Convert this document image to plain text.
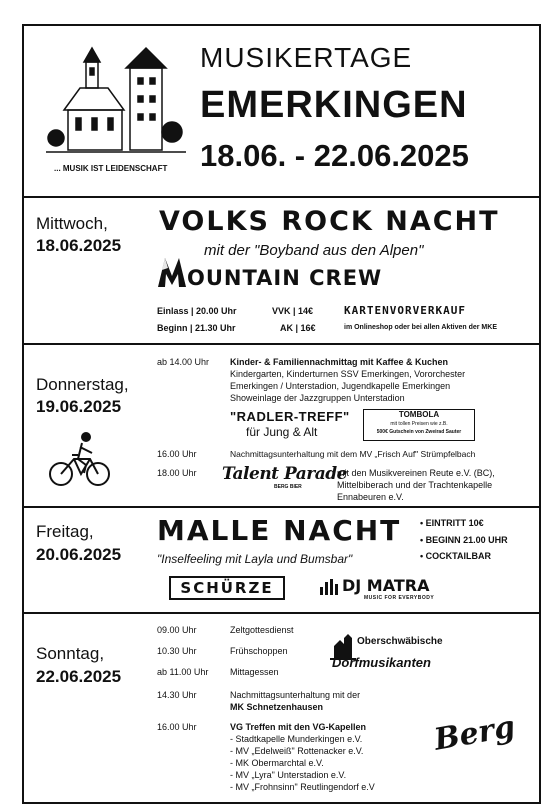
... MUSIK IST LEIDENSCHAFT
MUSIKERTAGE
EMERKINGEN
18.06. - 22.06.2025
Mittwoch,
18.06.2025
VOLKS ROCK NACHT
mit der "Boyband aus den Alpen"
OUNTAIN CREW
Einlass | 20.00 Uhr	VVK | 14€
Beginn | 21.30 Uhr	AK | 16€
KARTENVORVERKAUF
im Onlineshop oder bei allen Aktiven der MKE
Donnerstag,
19.06.2025
ab 14.00 Uhr Kinder- & Familiennachmittag mit Kaffee & Kuchen
Kindergarten, Kinderturnen SSV Emerkingen, Vororchester
Emerkingen / Unterstadion, Jugendkapelle Emerkingen
Showeinlage der Jazzgruppen Unterstadion
"RADLER-TREFF"
für Jung & Alt
TOMBOLA
mit tollen Preisen wie z.B.
500€ Gutschein von Zweirad Sauter
16.00 Uhr	Nachmittagsunterhaltung mit dem MV „Frisch Auf" Strümpfelbach
18.00 Uhr Talent Parade
BERG BIER
mit den Musikvereinen Reute e.V. (BC),
Mittelbiberach und der Trachtenkapelle
Ennabeuren e.V.
Freitag,
20.06.2025
MALLE NACHT
"Inselfeeling mit Layla und Bumsbar"
• EINTRITT 10€
• BEGINN 21.00 UHR
• COCKTAILBAR
SCHÜRZE	DJ MATRA
MUSIC FOR EVERYBODY
Sonntag,
22.06.2025
09.00 Uhr	Zeltgottesdienst
10.30 Uhr	Frühschoppen
ab 11.00 Uhr Mittagessen
Oberschwäbische
Dorfmusikanten
14.30 Uhr	Nachmittagsunterhaltung mit der
MK Schnetzenhausen
16.00 Uhr	VG Treffen mit den VG-Kapellen
- Stadtkapelle Munderkingen e.V.
- MV „Edelweiß" Rottenacker e.V.
- MK Obermarchtal e.V.
- MV „Lyra" Unterstadion e.V.
- MV „Frohnsinn" Reutlingendorf e.V
Berg
